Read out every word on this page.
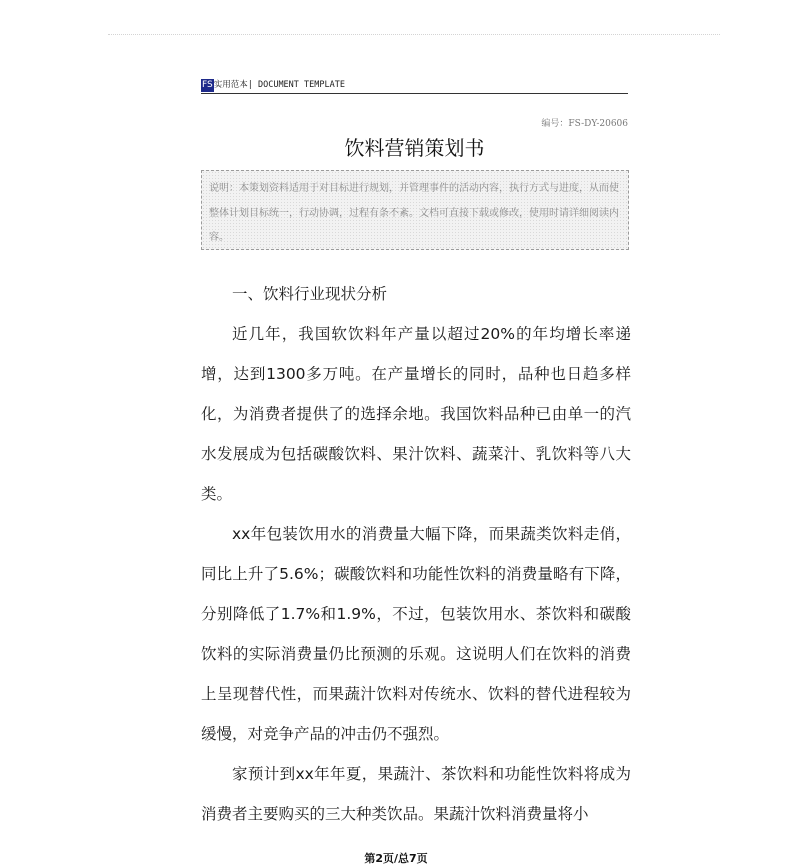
FS实用范本| DOCUMENT TEMPLATE
编号：FS-DY-20606
饮料营销策划书
说明：本策划资料适用于对目标进行规划，并管理事件的活动内容，执行方式与进度，从而使整体计划目标统一，行动协调，过程有条不紊。文档可直接下载或修改，使用时请详细阅读内容。
一、饮料行业现状分析

近几年，我国软饮料年产量以超过20%的年均增长率递增，达到1300多万吨。在产量增长的同时，品种也日趋多样化，为消费者提供了的选择余地。我国饮料品种已由单一的汽水发展成为包括碳酸饮料、果汁饮料、蔬菜汁、乳饮料等八大类。

xx年包装饮用水的消费量大幅下降，而果蔬类饮料走俏，同比上升了5.6%；碳酸饮料和功能性饮料的消费量略有下降，分别降低了1.7%和1.9%，不过，包装饮用水、茶饮料和碳酸饮料的实际消费量仍比预测的乐观。这说明人们在饮料的消费上呈现替代性，而果蔬汁饮料对传统水、饮料的替代进程较为缓慢，对竞争产品的冲击仍不强烈。

家预计到xx年年夏，果蔬汁、茶饮料和功能性饮料将成为消费者主要购买的三大种类饮品。果蔬汁饮料消费量将小

第2页/总7页
